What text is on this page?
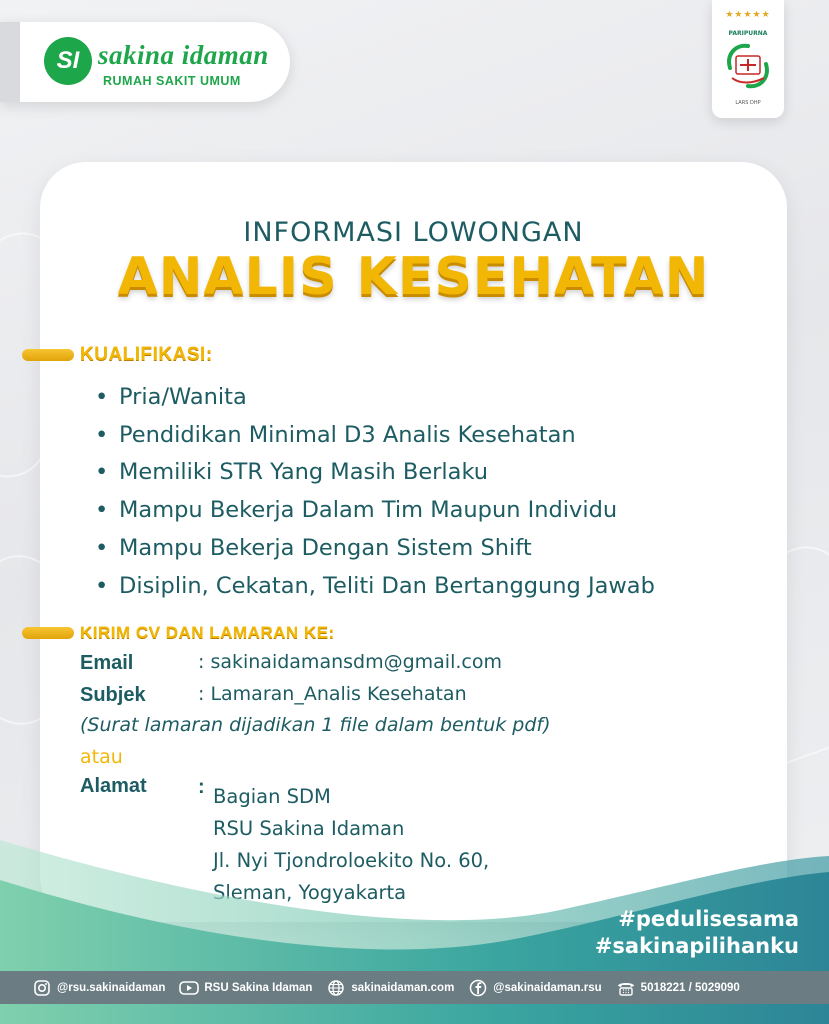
SI sakina idaman
RUMAH SAKIT UMUM
★★★★★
PARIPURNA
LARS DHP
INFORMASI LOWONGAN
ANALIS KESEHATAN
KUALIFIKASI:
• Pria/Wanita
• Pendidikan Minimal D3 Analis Kesehatan
• Memiliki STR Yang Masih Berlaku
• Mampu Bekerja Dalam Tim Maupun Individu
• Mampu Bekerja Dengan Sistem Shift
• Disiplin, Cekatan, Teliti Dan Bertanggung Jawab
KIRIM CV DAN LAMARAN KE:
Email	: sakinaidamansdm@gmail.com
Subjek	: Lamaran_Analis Kesehatan
(Surat lamaran dijadikan 1 file dalam bentuk pdf)
atau
Alamat	: Bagian SDM
RSU Sakina Idaman
Jl. Nyi Tjondroloekito No. 60,
Sleman, Yogyakarta
#pedulisesama
#sakinapilihanku
@rsu.sakinaidaman	RSU Sakina Idaman	sakinaidaman.com	@sakinaidaman.rsu	5018221 / 5029090
